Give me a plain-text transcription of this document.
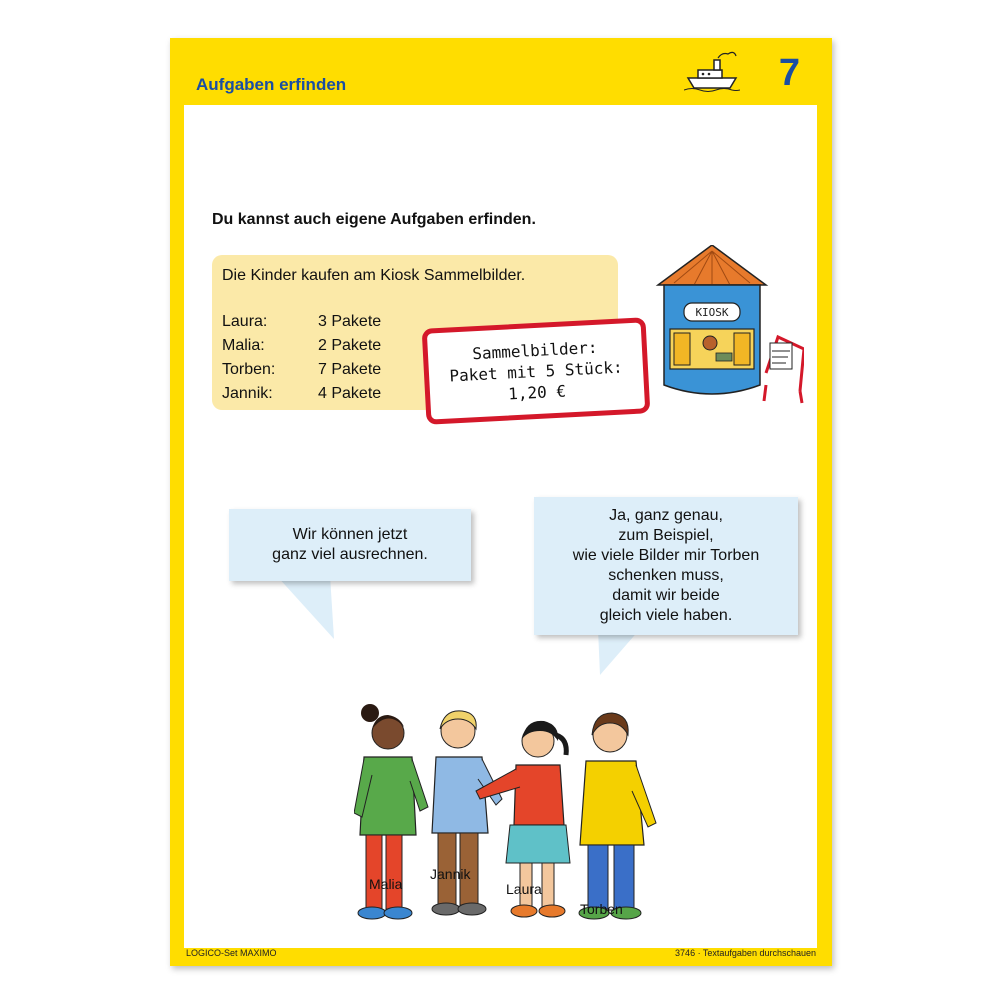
Aufgaben erfinden	7
Du kannst auch eigene Aufgaben erfinden.
Die Kinder kaufen am Kiosk Sammelbilder.
Laura:	3 Pakete
Malia:	2 Pakete
Torben:	7 Pakete
Jannik:	4 Pakete
KIOSK
Sammelbilder:
Paket mit 5 Stück:
1,20 €
Wir können jetzt
ganz viel ausrechnen.
Ja, ganz genau,
zum Beispiel,
wie viele Bilder mir Torben
schenken muss,
damit wir beide
gleich viele haben.
Malia
Jannik
Laura
Torben
LOGICO-Set MAXIMO	3746 · Textaufgaben durchschauen
